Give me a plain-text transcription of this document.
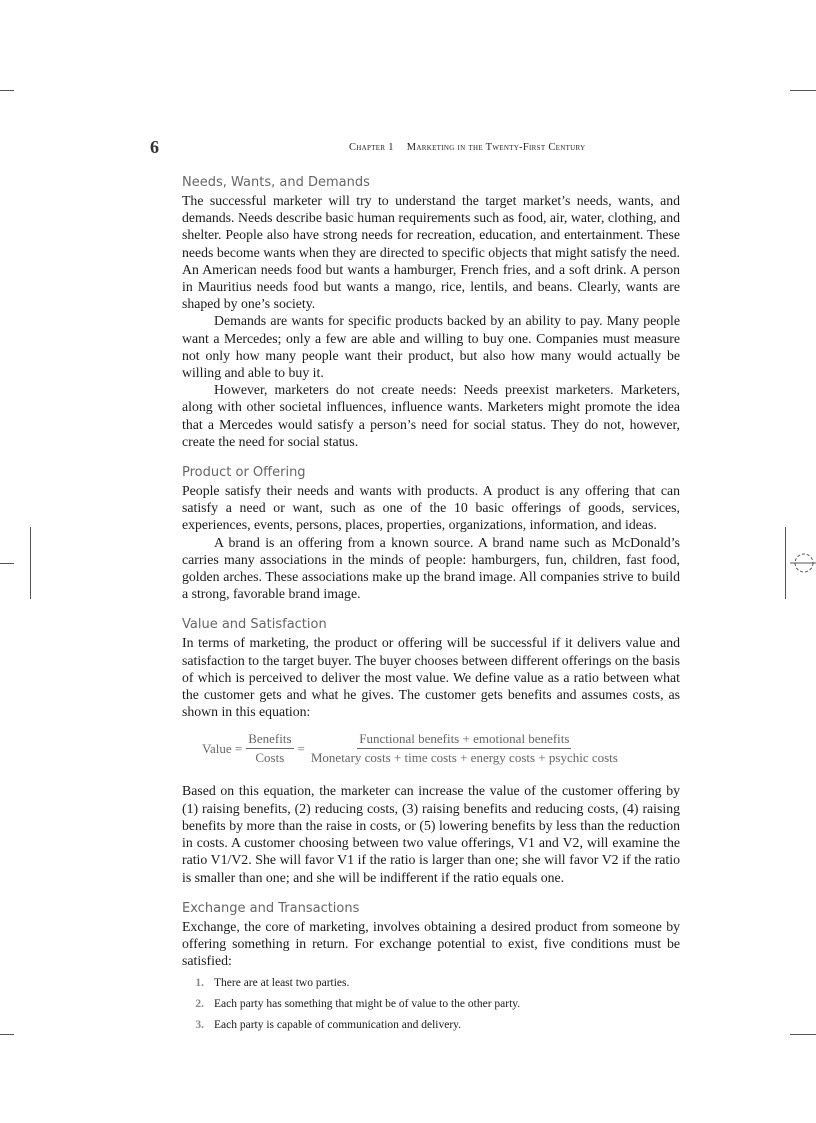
6	Chapter 1 Marketing in the Twenty-First Century
Needs, Wants, and Demands

The successful marketer will try to understand the target market’s needs, wants, and demands. Needs describe basic human requirements such as food, air, water, clothing, and shelter. People also have strong needs for recreation, education, and entertainment. These needs become wants when they are directed to specific objects that might satisfy the need. An American needs food but wants a hamburger, French fries, and a soft drink. A person in Mauritius needs food but wants a mango, rice, lentils, and beans. Clearly, wants are shaped by one’s society.

Demands are wants for specific products backed by an ability to pay. Many people want a Mercedes; only a few are able and willing to buy one. Companies must measure not only how many people want their product, but also how many would actually be willing and able to buy it.

However, marketers do not create needs: Needs preexist marketers. Marketers, along with other societal influences, influence wants. Marketers might promote the idea that a Mercedes would satisfy a person’s need for social status. They do not, however, create the need for social status.

Product or Offering

People satisfy their needs and wants with products. A product is any offering that can satisfy a need or want, such as one of the 10 basic offerings of goods, services, experiences, events, persons, places, properties, organizations, information, and ideas.

A brand is an offering from a known source. A brand name such as McDonald’s carries many associations in the minds of people: hamburgers, fun, children, fast food, golden arches. These associations make up the brand image. All companies strive to build a strong, favorable brand image.

Value and Satisfaction

In terms of marketing, the product or offering will be successful if it delivers value and satisfaction to the target buyer. The buyer chooses between different offerings on the basis of which is perceived to deliver the most value. We define value as a ratio between what the customer gets and what he gives. The customer gets benefits and assumes costs, as shown in this equation:

Value = $\frac{\text{Benefits}}{\text{Costs}} = \frac{\text{Functional benefits + emotional benefits}}{\text{Monetary costs + time costs + energy costs + psychic costs}}$

Based on this equation, the marketer can increase the value of the customer offering by (1) raising benefits, (2) reducing costs, (3) raising benefits and reducing costs, (4) raising benefits by more than the raise in costs, or (5) lowering benefits by less than the reduction in costs. A customer choosing between two value offerings, V1 and V2, will examine the ratio V1/V2. She will favor V1 if the ratio is larger than one; she will favor V2 if the ratio is smaller than one; and she will be indifferent if the ratio equals one.

Exchange and Transactions

Exchange, the core of marketing, involves obtaining a desired product from someone by offering something in return. For exchange potential to exist, five conditions must be satisfied:

1. There are at least two parties.
2. Each party has something that might be of value to the other party.
3. Each party is capable of communication and delivery.
